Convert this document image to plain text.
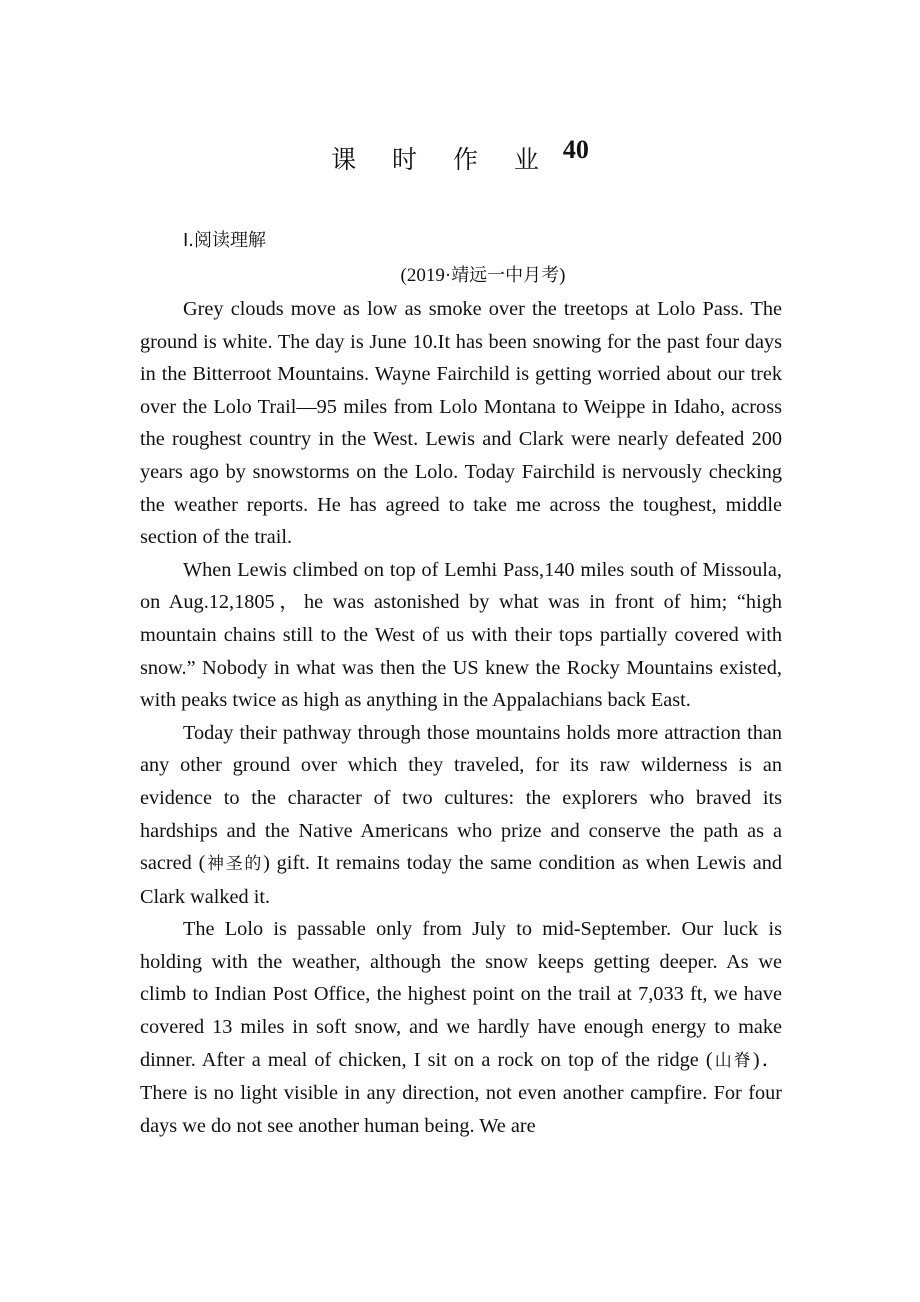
课 时 作 业 40
Ⅰ.阅读理解
(2019·靖远一中月考)

Grey clouds move as low as smoke over the treetops at Lolo Pass. The ground is white. The day is June 10.It has been snowing for the past four days in the Bitterroot Mountains. Wayne Fairchild is getting worried about our trek over the Lolo Trail—95 miles from Lolo Montana to Weippe in Idaho, across the roughest country in the West. Lewis and Clark were nearly defeated 200 years ago by snowstorms on the Lolo. Today Fairchild is nervously checking the weather reports. He has agreed to take me across the toughest, middle section of the trail.

When Lewis climbed on top of Lemhi Pass,140 miles south of Missoula, on Aug.12,1805，he was astonished by what was in front of him; “high mountain chains still to the West of us with their tops partially covered with snow.” Nobody in what was then the US knew the Rocky Mountains existed, with peaks twice as high as anything in the Appalachians back East.

Today their pathway through those mountains holds more attraction than any other ground over which they traveled, for its raw wilderness is an evidence to the character of two cultures: the explorers who braved its hardships and the Native Americans who prize and conserve the path as a sacred (神圣的) gift. It remains today the same condition as when Lewis and Clark walked it.

The Lolo is passable only from July to mid-September. Our luck is holding with the weather, although the snow keeps getting deeper. As we climb to Indian Post Office, the highest point on the trail at 7,033 ft, we have covered 13 miles in soft snow, and we hardly have enough energy to make dinner. After a meal of chicken, I sit on a rock on top of the ridge (山脊)． There is no light visible in any direction, not even another campfire. For four days we do not see another human being. We are
